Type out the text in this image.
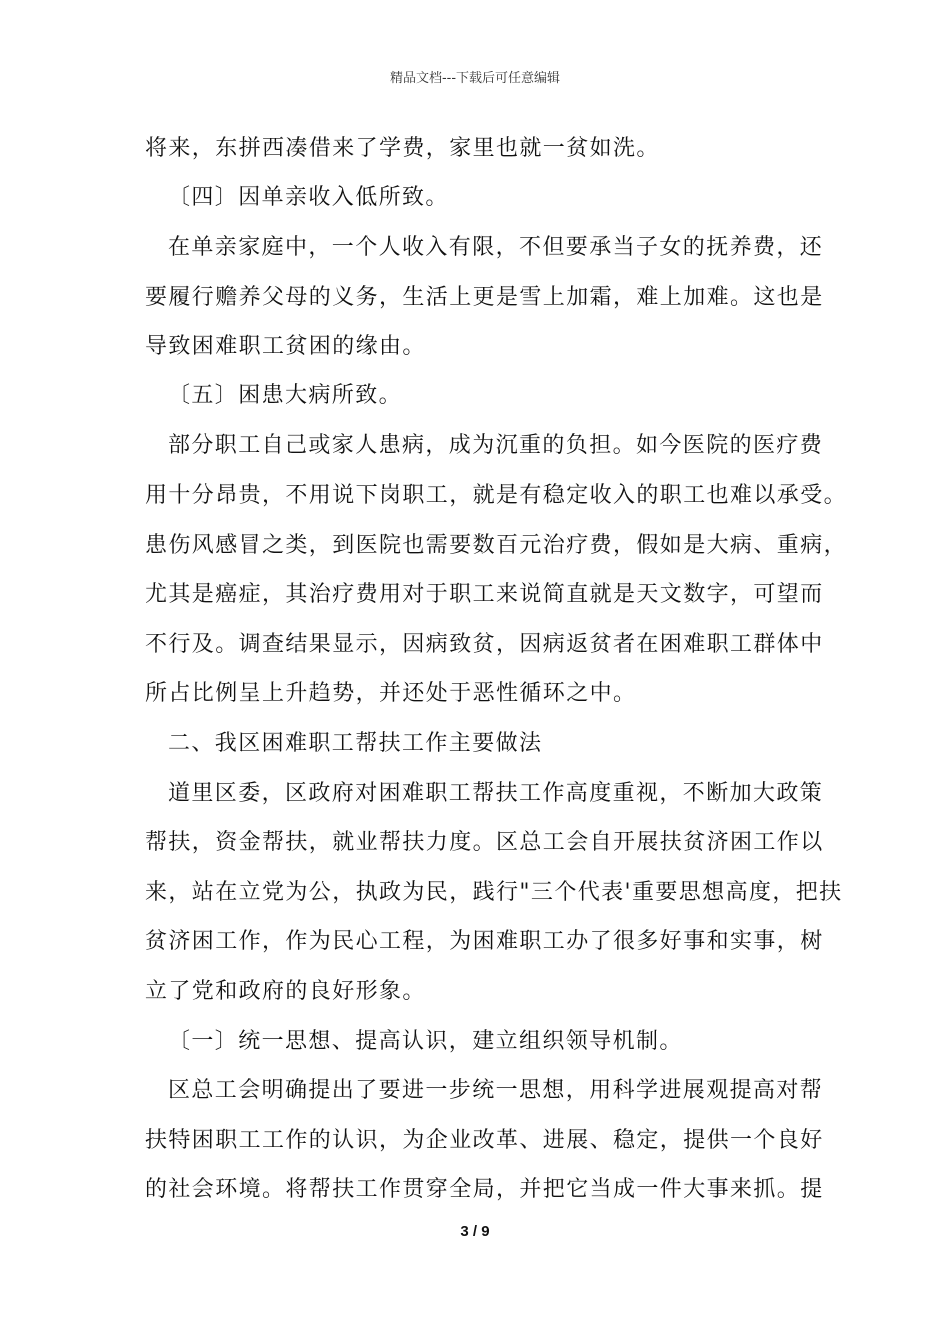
精品文档---下载后可任意编辑
将来，东拼西凑借来了学费，家里也就一贫如洗。
〔四〕因单亲收入低所致。
在单亲家庭中，一个人收入有限，不但要承当子女的抚养费，还
要履行赡养父母的义务，生活上更是雪上加霜，难上加难。这也是
导致困难职工贫困的缘由。
〔五〕困患大病所致。
部分职工自己或家人患病，成为沉重的负担。如今医院的医疗费
用十分昂贵，不用说下岗职工，就是有稳定收入的职工也难以承受。
患伤风感冒之类，到医院也需要数百元治疗费，假如是大病、重病，
尤其是癌症，其治疗费用对于职工来说简直就是天文数字，可望而
不行及。调查结果显示，因病致贫，因病返贫者在困难职工群体中
所占比例呈上升趋势，并还处于恶性循环之中。
二、我区困难职工帮扶工作主要做法
道里区委，区政府对困难职工帮扶工作高度重视，不断加大政策
帮扶，资金帮扶，就业帮扶力度。区总工会自开展扶贫济困工作以
来，站在立党为公，执政为民，践行"三个代表'重要思想高度，把扶
贫济困工作，作为民心工程，为困难职工办了很多好事和实事，树
立了党和政府的良好形象。
〔一〕统一思想、提高认识，建立组织领导机制。
区总工会明确提出了要进一步统一思想，用科学进展观提高对帮
扶特困职工工作的认识，为企业改革、进展、稳定，提供一个良好
的社会环境。将帮扶工作贯穿全局，并把它当成一件大事来抓。提
3 / 9
